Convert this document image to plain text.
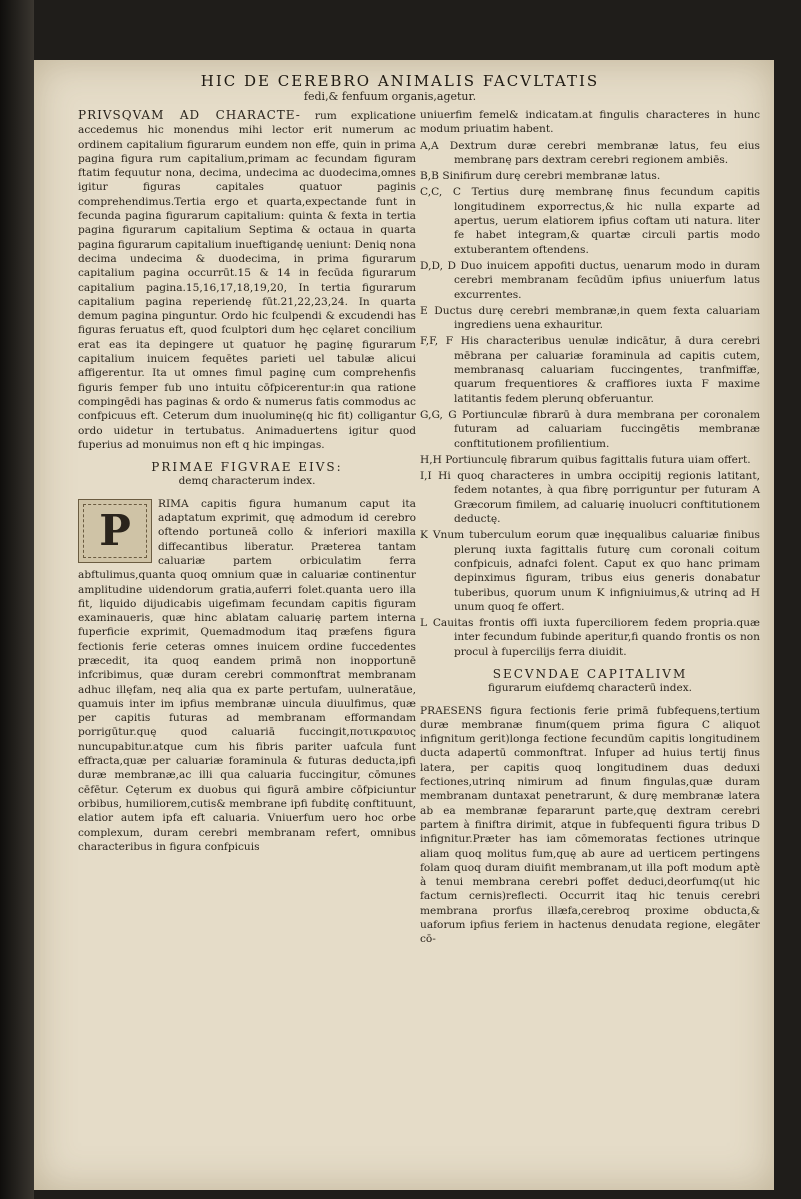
HIC DE CEREBRO ANIMALIS FACVLTATIS
fedi,& fenfuum organis,agetur.

PRIVSQVAM AD CHARACTE- rum explicatione accedemus hic monendus mihi lector erit numerum ac ordinem capitalium figurarum eundem non effe, quin in prima pagina figura rum capitalium,primam ac fecundam figuram ftatim fequutur nona, decima, undecima ac duodecima,omnes igitur figuras capitales quatuor paginis comprehendimus.Tertia ergo et quarta,expectande funt in fecunda pagina figurarum capitalium: quinta & fexta in tertia pagina figurarum capitalium Septima & octaua in quarta pagina figurarum capitalium inueftigandę ueniunt: Deniq nona decima undecima & duodecima, in prima figurarum capitalium pagina occurrūt.15 & 14 in fecūda figurarum capitalium pagina.15,16,17,18,19,20, In tertia figurarum capitalium pagina reperiendę fūt.21,22,23,24. In quarta demum pagina pinguntur. Ordo hic fculpendi & excudendi has figuras feruatus eft, quod fculptori dum hęc cęlaret concilium erat eas ita depingere ut quatuor hę paginę figurarum capitalium inuicem fequētes parieti uel tabulæ alicui affigerentur. Ita ut omnes fimul paginę cum comprehenfis figuris femper fub uno intuitu cōfpicerentur:in qua ratione compingēdi has paginas & ordo & numerus fatis commodus ac confpicuus eft. Ceterum dum inuoluminę(q hic fit) colligantur ordo uidetur in tertubatus. Animaduertens igitur quod fuperius ad monuimus non eft q hic impingas.

PRIMAE FIGVRAE EIVS:
demq characterum index.

P
RIMA capitis figura humanum caput ita adaptatum exprimit, quę admodum id cerebro oftendo portuneā collo & inferiori maxilla diffecantibus liberatur. Præterea tantam caluariæ partem orbiculatim ferra abftulimus,quanta quoq omnium quæ in caluariæ continentur amplitudine uidendorum gratia,auferri folet.quanta uero illa fit, liquido dijudicabis uigefimam fecundam capitis figuram examinaueris, quæ hinc ablatam caluarię partem interna fuperficie exprimit, Quemadmodum itaq præfens figura fectionis ferie ceteras omnes inuicem ordine fuccedentes præcedit, ita quoq eandem primā non inopportunē infcribimus, quæ duram cerebri commonftrat membranam adhuc illęfam, neq alia qua ex parte pertufam, uulneratāue, quamuis inter im ipfius membranæ uincula diuulfimus, quæ per capitis futuras ad membranam efformandam porrigūtur.quę quod caluariā fuccingit,ποτικραυιος nuncupabitur.atque cum his fibris pariter uafcula funt effracta,quæ per caluariæ foraminula & futuras deducta,ipfi duræ membranæ,ac illi qua caluaria fuccingitur, cōmunes cēfētur. Cęterum ex duobus qui figurā ambire cōfpiciuntur orbibus, humiliorem,cutis& membrane ipfi fubditę conftituunt, elatior autem ipfa eft caluaria. Vniuerfum uero hoc orbe complexum, duram cerebri membranam refert, omnibus characteribus in figura confpicuis

uniuerfim femel& indicatam.at fingulis characteres in hunc modum priuatim habent.

A,A Dextrum duræ cerebri membranæ latus, feu eius membranę pars dextram cerebri regionem ambiēs.

B,B Sinifirum durę cerebri membranæ latus.

C,C, C Tertius durę membranę finus fecundum capitis longitudinem exporrectus,& hic nulla exparte ad apertus, uerum elatiorem ipfius coftam uti natura. liter fe habet integram,& quartæ circuli partis modo extuberantem oftendens.

D,D, D Duo inuicem appofiti ductus, uenarum modo in duram cerebri membranam fecūdūm ipfius uniuerfum latus excurrentes.

E Ductus durę cerebri membranæ,in quem fexta caluariam ingrediens uena exhauritur.

F,F, F His characteribus uenulæ indicātur, ā dura cerebri mēbrana per caluariæ foraminula ad capitis cutem, membranasq caluariam fuccingentes, tranfmiffæ, quarum frequentiores & craffiores iuxta F maxime latitantis fedem plerunq obferuantur.

G,G, G Portiunculæ fibrarū à dura membrana per coronalem futuram ad caluariam fuccingētis membranæ conftitutionem profilientium.

H,H Portiunculę fibrarum quibus fagittalis futura uiam offert.

I,I Hi quoq characteres in umbra occipitij regionis latitant, fedem notantes, à qua fibrę porriguntur per futuram A Græcorum fimilem, ad caluarię inuolucri conftitutionem deductę.

K Vnum tuberculum eorum quæ inęqualibus caluariæ finibus plerunq iuxta fagittalis futurę cum coronali coitum confpicuis, adnafci folent. Caput ex quo hanc primam depinximus figuram, tribus eius generis donabatur tuberibus, quorum unum K infigniuimus,& utrinq ad H unum quoq fe offert.

L Cauitas frontis offi iuxta fuperciliorem fedem propria.quæ inter fecundum fubinde aperitur,fi quando frontis os non procul à fupercilijs ferra diuidit.

SECVNDAE CAPITALIVM
figurarum eiufdemq characterū index.

PRAESENS figura fectionis ferie primā fubfequens,tertium duræ membranæ finum(quem prima figura C aliquot infignitum gerit)longa fectione fecundūm capitis longitudinem ducta adapertū commonftrat. Infuper ad huius tertij finus latera, per capitis quoq longitudinem duas deduxi fectiones,utrinq nimirum ad finum fingulas,quæ duram membranam duntaxat penetrarunt, & durę membranæ latera ab ea membranæ fepararunt parte,quę dextram cerebri partem à finiftra dirimit, atque in fubfequenti figura tribus D infignitur.Præter has iam cōmemoratas fectiones utrinque aliam quoq molitus fum,quę ab aure ad uerticem pertingens folam quoq duram diuifit membranam,ut illa poft modum aptè à tenui membrana cerebri poffet deduci,deorfumq(ut hic factum cernis)reflecti. Occurrit itaq hic tenuis cerebri membrana prorfus illæfa,cerebroq proxime obducta,& uaforum ipfius feriem in hactenus denudata regione, elegāter cō-
